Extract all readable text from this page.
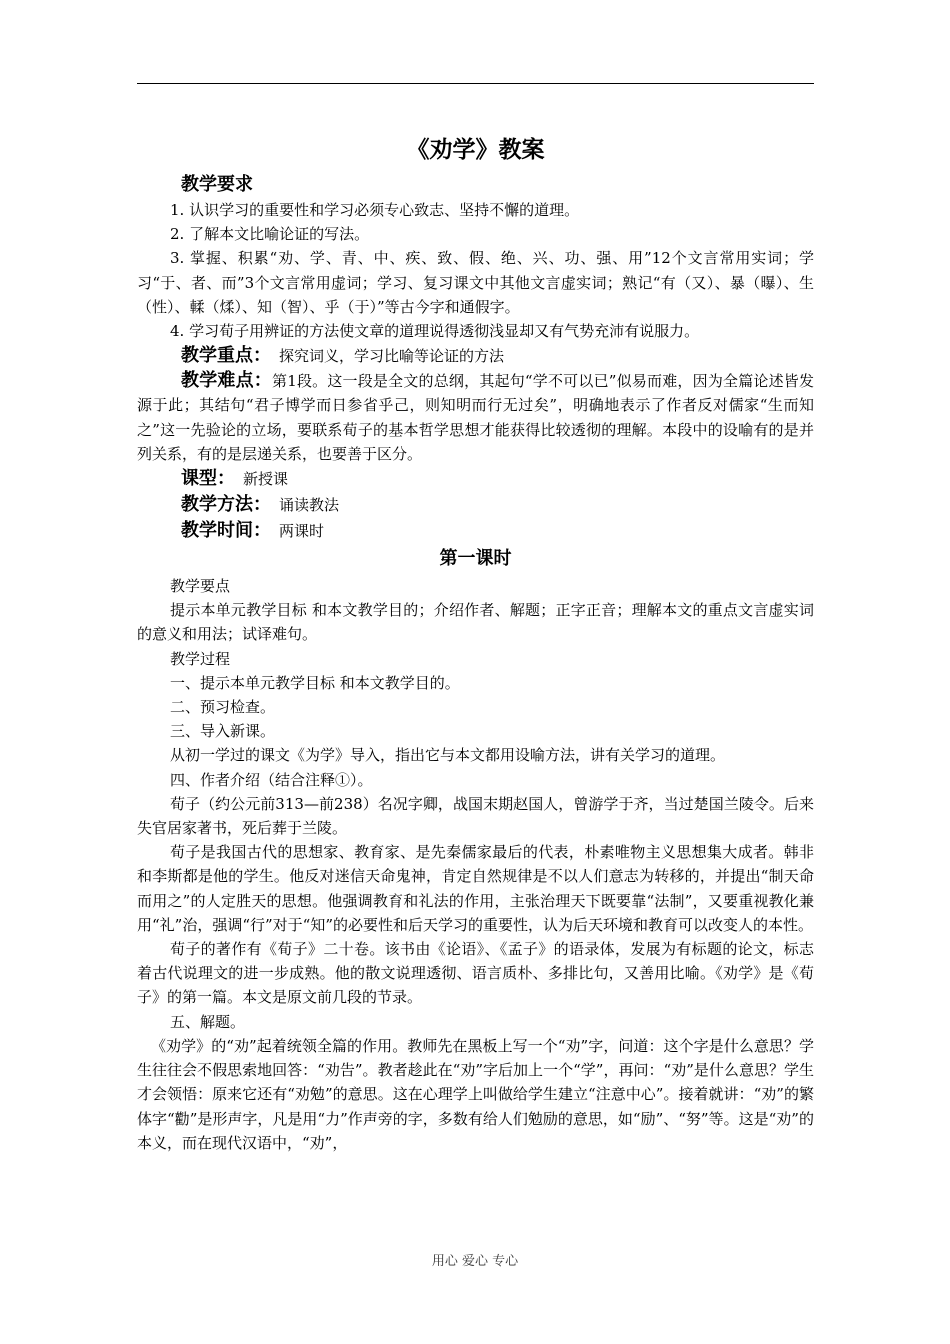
《劝学》教案
教学要求

1. 认识学习的重要性和学习必须专心致志、坚持不懈的道理。

2. 了解本文比喻论证的写法。

3. 掌握、积累“劝、学、青、中、疾、致、假、绝、兴、功、强、用”12个文言常用实词；学习“于、者、而”3个文言常用虚词；学习、复习课文中其他文言虚实词；熟记“有（又）、暴（曝）、生（性）、輮（煣）、知（智）、乎（于）”等古今字和通假字。

4. 学习荀子用辨证的方法使文章的道理说得透彻浅显却又有气势充沛有说服力。

教学重点： 探究词义，学习比喻等论证的方法

教学难点：第1段。这一段是全文的总纲，其起句“学不可以已”似易而难，因为全篇论述皆发源于此；其结句“君子博学而日参省乎己，则知明而行无过矣”，明确地表示了作者反对儒家“生而知之”这一先验论的立场，要联系荀子的基本哲学思想才能获得比较透彻的理解。本段中的设喻有的是并列关系，有的是层递关系，也要善于区分。

课型： 新授课

教学方法： 诵读教法

教学时间： 两课时

第一课时

教学要点

提示本单元教学目标 和本文教学目的；介绍作者、解题；正字正音；理解本文的重点文言虚实词的意义和用法；试译难句。

教学过程

一、提示本单元教学目标 和本文教学目的。

二、预习检查。

三、导入新课。

从初一学过的课文《为学》导入，指出它与本文都用设喻方法，讲有关学习的道理。

四、作者介绍（结合注释①）。

荀子（约公元前313—前238）名况字卿，战国末期赵国人，曾游学于齐，当过楚国兰陵令。后来失官居家著书，死后葬于兰陵。

荀子是我国古代的思想家、教育家、是先秦儒家最后的代表，朴素唯物主义思想集大成者。韩非和李斯都是他的学生。他反对迷信天命鬼神，肯定自然规律是不以人们意志为转移的，并提出“制天命而用之”的人定胜天的思想。他强调教育和礼法的作用，主张治理天下既要靠“法制”，又要重视教化兼用“礼”治，强调“行”对于“知”的必要性和后天学习的重要性，认为后天环境和教育可以改变人的本性。

荀子的著作有《荀子》二十卷。该书由《论语》、《孟子》的语录体，发展为有标题的论文，标志着古代说理文的进一步成熟。他的散文说理透彻、语言质朴、多排比句，又善用比喻。《劝学》是《荀子》的第一篇。本文是原文前几段的节录。

五、解题。

《劝学》的“劝”起着统领全篇的作用。教师先在黑板上写一个“劝”字，问道：这个字是什么意思？学生往往会不假思索地回答：“劝告”。教者趁此在“劝”字后加上一个“学”，再问：“劝”是什么意思？学生才会领悟：原来它还有“劝勉”的意思。这在心理学上叫做给学生建立“注意中心”。接着就讲：“劝”的繁体字“勸”是形声字，凡是用“力”作声旁的字，多数有给人们勉励的意思，如“励”、“努”等。这是“劝”的本义，而在现代汉语中，“劝”，

用心 爱心 专心
